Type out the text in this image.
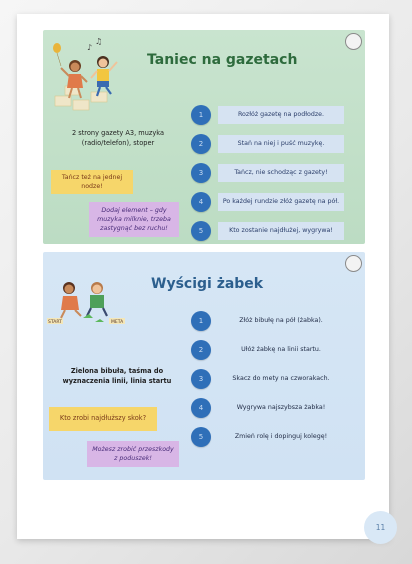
♪
♫
Taniec na gazetach
2 strony gazety A3, muzyka (radio/telefon), stoper
Tańcz też na jednej nodze!
Dodaj element – gdy muzyka milknie, trzeba zastygnąć bez ruchu!
1	Rozłóż gazetę na podłodze.
2	Stań na niej i puść muzykę.
3	Tańcz, nie schodząc z gazety!
4	Po każdej rundzie złóż gazetę na pół.
5	Kto zostanie najdłużej, wygrywa!
START	META
Wyścigi żabek
Zielona bibuła, taśma do wyznaczenia linii, linia startu
Kto zrobi najdłuższy skok?
Możesz zrobić przeszkody z poduszek!
1	Złóż bibułę na pół (żabka).
2	Ułóż żabkę na linii startu.
3	Skacz do mety na czworakach.
4	Wygrywa najszybsza żabka!
5	Zmień rolę i dopinguj kolegę!
11
